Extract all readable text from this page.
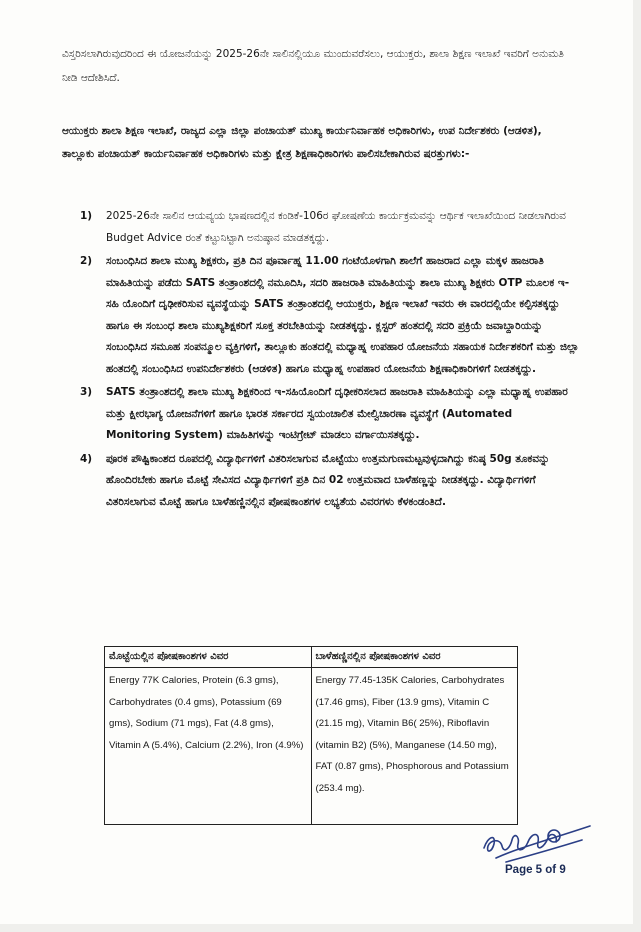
ವಿಸ್ತರಿಸಲಾಗಿರುವುದರಿಂದ ಈ ಯೋಜನೆಯನ್ನು 2025-26ನೇ ಸಾಲಿನಲ್ಲಿಯೂ ಮುಂದುವರೆಸಲು, ಆಯುಕ್ತರು, ಶಾಲಾ ಶಿಕ್ಷಣ ಇಲಾಖೆ ಇವರಿಗೆ ಅನುಮತಿ ನೀಡಿ ಆದೇಶಿಸಿದೆ.
ಆಯುಕ್ತರು ಶಾಲಾ ಶಿಕ್ಷಣ ಇಲಾಖೆ, ರಾಜ್ಯದ ಎಲ್ಲಾ ಜಿಲ್ಲಾ ಪಂಚಾಯತ್ ಮುಖ್ಯ ಕಾರ್ಯನಿರ್ವಾಹಕ ಅಧಿಕಾರಿಗಳು, ಉಪ ನಿರ್ದೇಶಕರು (ಆಡಳಿತ), ತಾಲ್ಲೂಕು ಪಂಚಾಯತ್ ಕಾರ್ಯನಿರ್ವಾಹಕ ಅಧಿಕಾರಿಗಳು ಮತ್ತು ಕ್ಷೇತ್ರ ಶಿಕ್ಷಣಾಧಿಕಾರಿಗಳು ಪಾಲಿಸಬೇಕಾಗಿರುವ ಷರತ್ತುಗಳು:-
1) 2025-26ನೇ ಸಾಲಿನ ಆಯವ್ಯಯ ಭಾಷಣದಲ್ಲಿನ ಕಂಡಿಕೆ-106ರ ಘೋಷಣೆಯ ಕಾರ್ಯಕ್ರಮವನ್ನು ಆರ್ಥಿಕ ಇಲಾಖೆಯಿಂದ ನೀಡಲಾಗಿರುವ Budget Advice ರಂತೆ ಕಟ್ಟುನಿಟ್ಟಾಗಿ ಅನುಷ್ಠಾನ ಮಾಡತಕ್ಕದ್ದು.

2) ಸಂಬಂಧಿಸಿದ ಶಾಲಾ ಮುಖ್ಯ ಶಿಕ್ಷಕರು, ಪ್ರತಿ ದಿನ ಪೂರ್ವಾಹ್ನ 11.00 ಗಂಟೆಯೊಳಗಾಗಿ ಶಾಲೆಗೆ ಹಾಜರಾದ ಎಲ್ಲಾ ಮಕ್ಕಳ ಹಾಜರಾತಿ ಮಾಹಿತಿಯನ್ನು ಪಡೆದು SATS ತಂತ್ರಾಂಶದಲ್ಲಿ ನಮೂದಿಸಿ, ಸದರಿ ಹಾಜರಾತಿ ಮಾಹಿತಿಯನ್ನು ಶಾಲಾ ಮುಖ್ಯ ಶಿಕ್ಷಕರು OTP ಮೂಲಕ ಇ-ಸಹಿ ಯೊಂದಿಗೆ ದೃಢೀಕರಿಸುವ ವ್ಯವಸ್ಥೆಯನ್ನು SATS ತಂತ್ರಾಂಶದಲ್ಲಿ ಆಯುಕ್ತರು, ಶಿಕ್ಷಣ ಇಲಾಖೆ ಇವರು ಈ ವಾರದಲ್ಲಿಯೇ ಕಲ್ಪಿಸತಕ್ಕದ್ದು ಹಾಗೂ ಈ ಸಂಬಂಧ ಶಾಲಾ ಮುಖ್ಯಶಿಕ್ಷಕರಿಗೆ ಸೂಕ್ತ ತರಬೇತಿಯನ್ನು ನೀಡತಕ್ಕದ್ದು. ಕ್ಲಸ್ಟರ್ ಹಂತದಲ್ಲಿ ಸದರಿ ಪ್ರಕ್ರಿಯೆ ಜವಾಬ್ದಾರಿಯನ್ನು ಸಂಬಂಧಿಸಿದ ಸಮೂಹ ಸಂಪನ್ಮೂಲ ವ್ಯಕ್ತಿಗಳಿಗೆ, ತಾಲ್ಲೂಕು ಹಂತದಲ್ಲಿ ಮಧ್ಯಾಹ್ನ ಉಪಹಾರ ಯೋಜನೆಯ ಸಹಾಯಕ ನಿರ್ದೇಶಕರಿಗೆ ಮತ್ತು ಜಿಲ್ಲಾ ಹಂತದಲ್ಲಿ ಸಂಬಂಧಿಸಿದ ಉಪನಿರ್ದೇಶಕರು (ಆಡಳಿತ) ಹಾಗೂ ಮಧ್ಯಾಹ್ನ ಉಪಹಾರ ಯೋಜನೆಯ ಶಿಕ್ಷಣಾಧಿಕಾರಿಗಳಿಗೆ ನೀಡತಕ್ಕದ್ದು.

3) SATS ತಂತ್ರಾಂಶದಲ್ಲಿ ಶಾಲಾ ಮುಖ್ಯ ಶಿಕ್ಷಕರಿಂದ ಇ-ಸಹಿಯೊಂದಿಗೆ ದೃಢೀಕರಿಸಲಾದ ಹಾಜರಾತಿ ಮಾಹಿತಿಯನ್ನು ಎಲ್ಲಾ ಮಧ್ಯಾಹ್ನ ಉಪಹಾರ ಮತ್ತು ಕ್ಷೀರಭಾಗ್ಯ ಯೋಜನೆಗಳಿಗೆ ಹಾಗೂ ಭಾರತ ಸರ್ಕಾರದ ಸ್ವಯಂಚಾಲಿತ ಮೇಲ್ವಿಚಾರಣಾ ವ್ಯವಸ್ಥೆಗೆ (Automated Monitoring System) ಮಾಹಿತಿಗಳನ್ನು ಇಂಟಿಗ್ರೇಟ್ ಮಾಡಲು ವರ್ಗಾಯಿಸತಕ್ಕದ್ದು.

4) ಪೂರಕ ಪೌಷ್ಟಿಕಾಂಶದ ರೂಪದಲ್ಲಿ ವಿದ್ಯಾರ್ಥಿಗಳಿಗೆ ವಿತರಿಸಲಾಗುವ ಮೊಟ್ಟೆಯು ಉತ್ತಮಗುಣಮಟ್ಟವುಳ್ಳದಾಗಿದ್ದು ಕನಿಷ್ಠ 50g ತೂಕವನ್ನು ಹೊಂದಿರಬೇಕು ಹಾಗೂ ಮೊಟ್ಟೆ ಸೇವಿಸದ ವಿದ್ಯಾರ್ಥಿಗಳಿಗೆ ಪ್ರತಿ ದಿನ 02 ಉತ್ತಮವಾದ ಬಾಳೆಹಣ್ಣನ್ನು ನೀಡತಕ್ಕದ್ದು. ವಿದ್ಯಾರ್ಥಿಗಳಿಗೆ ವಿತರಿಸಲಾಗುವ ಮೊಟ್ಟೆ ಹಾಗೂ ಬಾಳೆಹಣ್ಣಿನಲ್ಲಿನ ಪೋಷಕಾಂಶಗಳ ಲಭ್ಯತೆಯ ವಿವರಗಳು ಕೆಳಕಂಡಂತಿದೆ.

ಮೊಟ್ಟೆಯಲ್ಲಿನ ಪೋಷಕಾಂಶಗಳ ವಿವರ	ಬಾಳೆಹಣ್ಣಿನಲ್ಲಿನ ಪೋಷಕಾಂಶಗಳ ವಿವರ
Energy 77K Calories, Protein (6.3 gms), Carbohydrates (0.4 gms), Potassium (69 gms), Sodium (71 mgs), Fat (4.8 gms), Vitamin A (5.4%), Calcium (2.2%), Iron (4.9%)	Energy 77.45-135K Calories, Carbohydrates (17.46 gms), Fiber (13.9 gms), Vitamin C (21.15 mg), Vitamin B6( 25%), Riboflavin (vitamin B2) (5%), Manganese (14.50 mg), FAT (0.87 gms), Phosphorous and Potassium (253.4 mg).
Page 5 of 9
